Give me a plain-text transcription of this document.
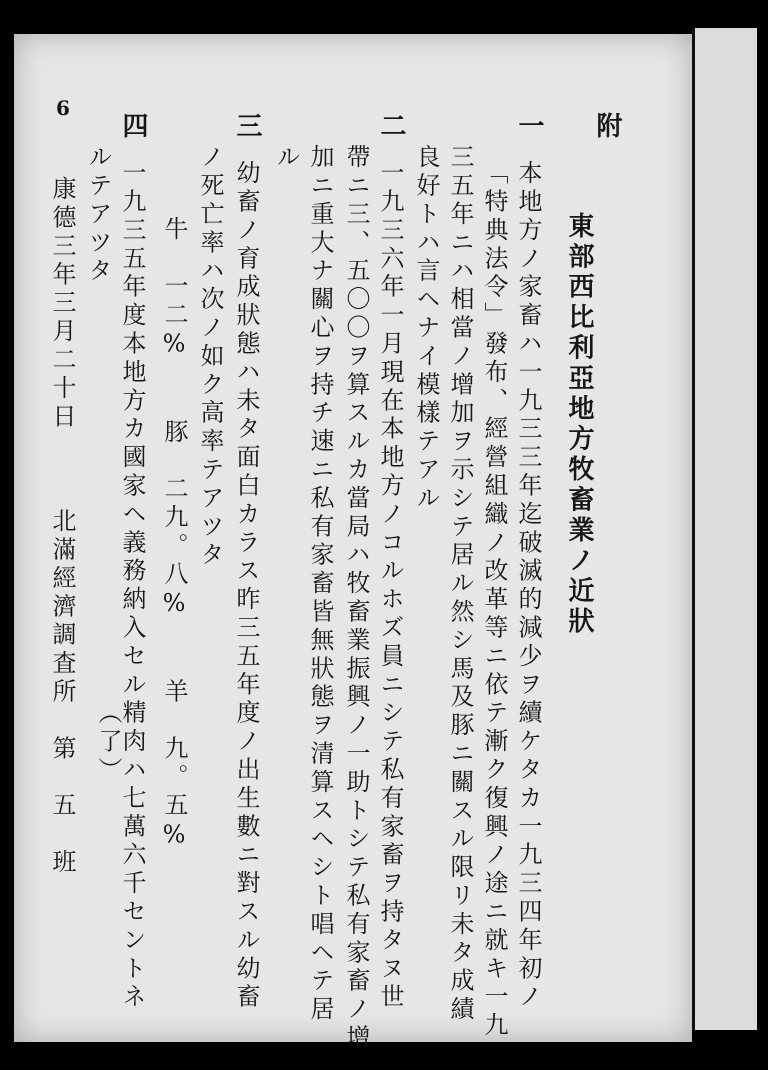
6
附
東部西比利亞地方牧畜業ノ近狀
一
本地方ノ家畜ハ一九三三年迄破滅的減少ヲ續ケタカ一九三四年初ノ
「特典法令」發布、經營組織ノ改革等ニ依テ漸ク復興ノ途ニ就キ一九
三五年ニハ相當ノ增加ヲ示シテ居ル然シ馬及豚ニ關スル限リ未タ成績
良好トハ言ヘナイ模樣テアル
二
一九三六年一月現在本地方ノコルホズ員ニシテ私有家畜ヲ持タヌ世
帶ニ三、五〇〇ヲ算スルカ當局ハ牧畜業振興ノ一助トシテ私有家畜ノ增
加ニ重大ナ關心ヲ持チ速ニ私有家畜皆無狀態ヲ清算スヘシト唱ヘテ居
ル
三
幼畜ノ育成狀態ハ未タ面白カラス昨三五年度ノ出生數ニ對スル幼畜
ノ死亡率ハ次ノ如ク高率テアツタ
牛　一二%　　豚　二九。八%　　羊　九。五%
四
一九三五年度本地方カ國家ヘ義務納入セル精肉ハ七萬六千セントネ
ルテアツタ
（了）
康德三年三月二十日
北滿經濟調査所　第　五　班
